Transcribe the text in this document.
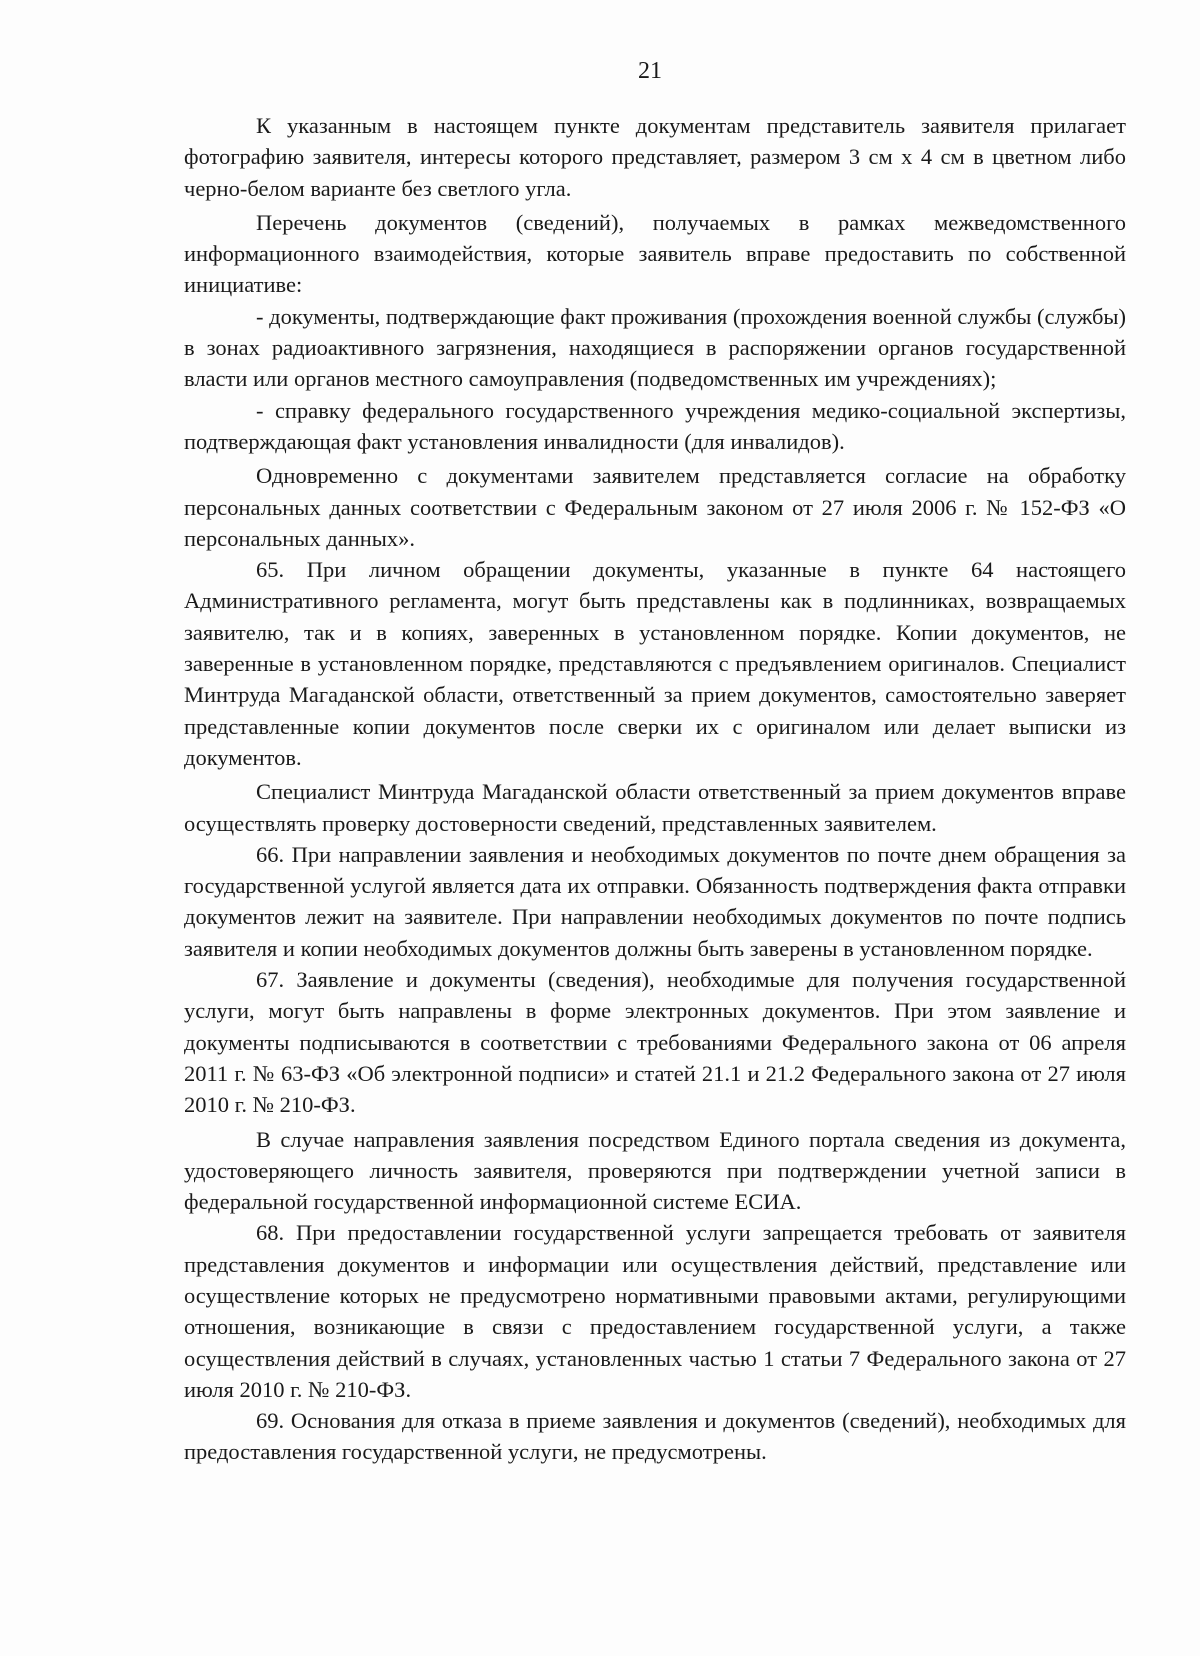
21

К указанным в настоящем пункте документам представитель заявителя прилагает фотографию заявителя, интересы которого представляет, размером 3 см х 4 см в цветном либо черно-белом варианте без светлого угла.

Перечень документов (сведений), получаемых в рамках межведомственного информационного взаимодействия, которые заявитель вправе предоставить по собственной инициативе:

- документы, подтверждающие факт проживания (прохождения военной службы (службы) в зонах радиоактивного загрязнения, находящиеся в распоряжении органов государственной власти или органов местного самоуправления (подведомственных им учреждениях);

- справку федерального государственного учреждения медико-социальной экспертизы, подтверждающая факт установления инвалидности (для инвалидов).

Одновременно с документами заявителем представляется согласие на обработку персональных данных соответствии с Федеральным законом от 27 июля 2006 г. № 152-ФЗ «О персональных данных».

65. При личном обращении документы, указанные в пункте 64 настоящего Административного регламента, могут быть представлены как в подлинниках, возвращаемых заявителю, так и в копиях, заверенных в установленном порядке. Копии документов, не заверенные в установленном порядке, представляются с предъявлением оригиналов. Специалист Минтруда Магаданской области, ответственный за прием документов, самостоятельно заверяет представленные копии документов после сверки их с оригиналом или делает выписки из документов.

Специалист Минтруда Магаданской области ответственный за прием документов вправе осуществлять проверку достоверности сведений, представленных заявителем.

66. При направлении заявления и необходимых документов по почте днем обращения за государственной услугой является дата их отправки. Обязанность подтверждения факта отправки документов лежит на заявителе. При направлении необходимых документов по почте подпись заявителя и копии необходимых документов должны быть заверены в установленном порядке.

67. Заявление и документы (сведения), необходимые для получения государственной услуги, могут быть направлены в форме электронных документов. При этом заявление и документы подписываются в соответствии с требованиями Федерального закона от 06 апреля 2011 г. № 63-ФЗ «Об электронной подписи» и статей 21.1 и 21.2 Федерального закона от 27 июля 2010 г. № 210-ФЗ.

В случае направления заявления посредством Единого портала сведения из документа, удостоверяющего личность заявителя, проверяются при подтверждении учетной записи в федеральной государственной информационной системе ЕСИА.

68. При предоставлении государственной услуги запрещается требовать от заявителя представления документов и информации или осуществления действий, представление или осуществление которых не предусмотрено нормативными правовыми актами, регулирующими отношения, возникающие в связи с предоставлением государственной услуги, а также осуществления действий в случаях, установленных частью 1 статьи 7 Федерального закона от 27 июля 2010 г. № 210-ФЗ.

69. Основания для отказа в приеме заявления и документов (сведений), необходимых для предоставления государственной услуги, не предусмотрены.
